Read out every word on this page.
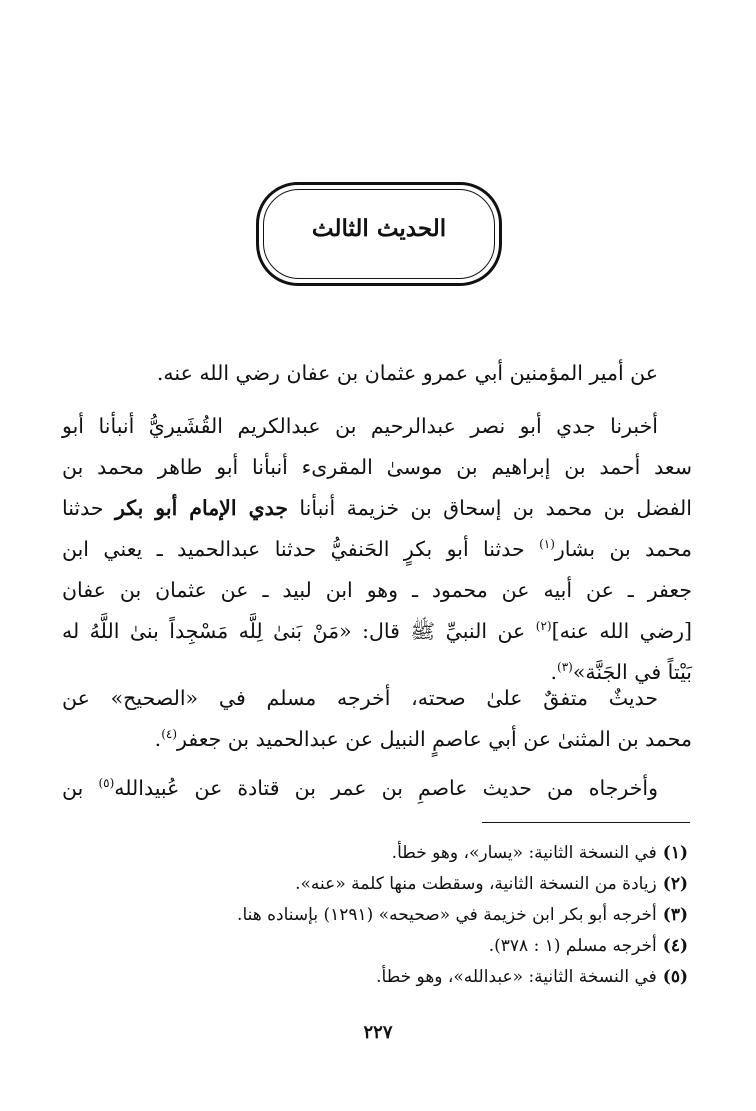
الحديث الثالث
عن أمير المؤمنين أبي عمرو عثمان بن عفان رضي الله عنه.
أخبرنا جدي أبو نصر عبدالرحيم بن عبدالكريم القُشَيريُّ أنبأنا أبو
سعد أحمد بن إبراهيم بن موسىٰ المقرىء أنبأنا أبو طاهر محمد بن
الفضل بن محمد بن إسحاق بن خزيمة أنبأنا جدي الإمام أبو بكر حدثنا
محمد بن بشار$^{(١)}$ حدثنا أبو بكرٍ الحَنفيُّ حدثنا عبدالحميد ـ يعني ابن
جعفر ـ عن أبيه عن محمود ـ وهو ابن لبيد ـ عن عثمان بن عفان
[رضي الله عنه]$^{(٢)}$ عن النبيِّ ﷺ قال: «مَنْ بَنىٰ لِلَّه مَسْجِداً بنىٰ اللَّهُ له
بَيْتاً في الجَنَّة»$^{(٣)}$.
حديثٌ متفقٌ علىٰ صحته، أخرجه مسلم في «الصحيح» عن
محمد بن المثنىٰ عن أبي عاصمٍ النبيل عن عبدالحميد بن جعفر$^{(٤)}$.
وأخرجاه من حديث عاصمِ بن عمر بن قتادة عن عُبيدالله$^{(٥)}$ بن
(١)في النسخة الثانية: «يسار»، وهو خطأ.
(٢)زيادة من النسخة الثانية، وسقطت منها كلمة «عنه».
(٣)أخرجه أبو بكر ابن خزيمة في «صحيحه» (١٢٩١) بإسناده هنا.
(٤)أخرجه مسلم (١ : ٣٧٨).
(٥)في النسخة الثانية: «عبدالله»، وهو خطأ.
٢٢٧
